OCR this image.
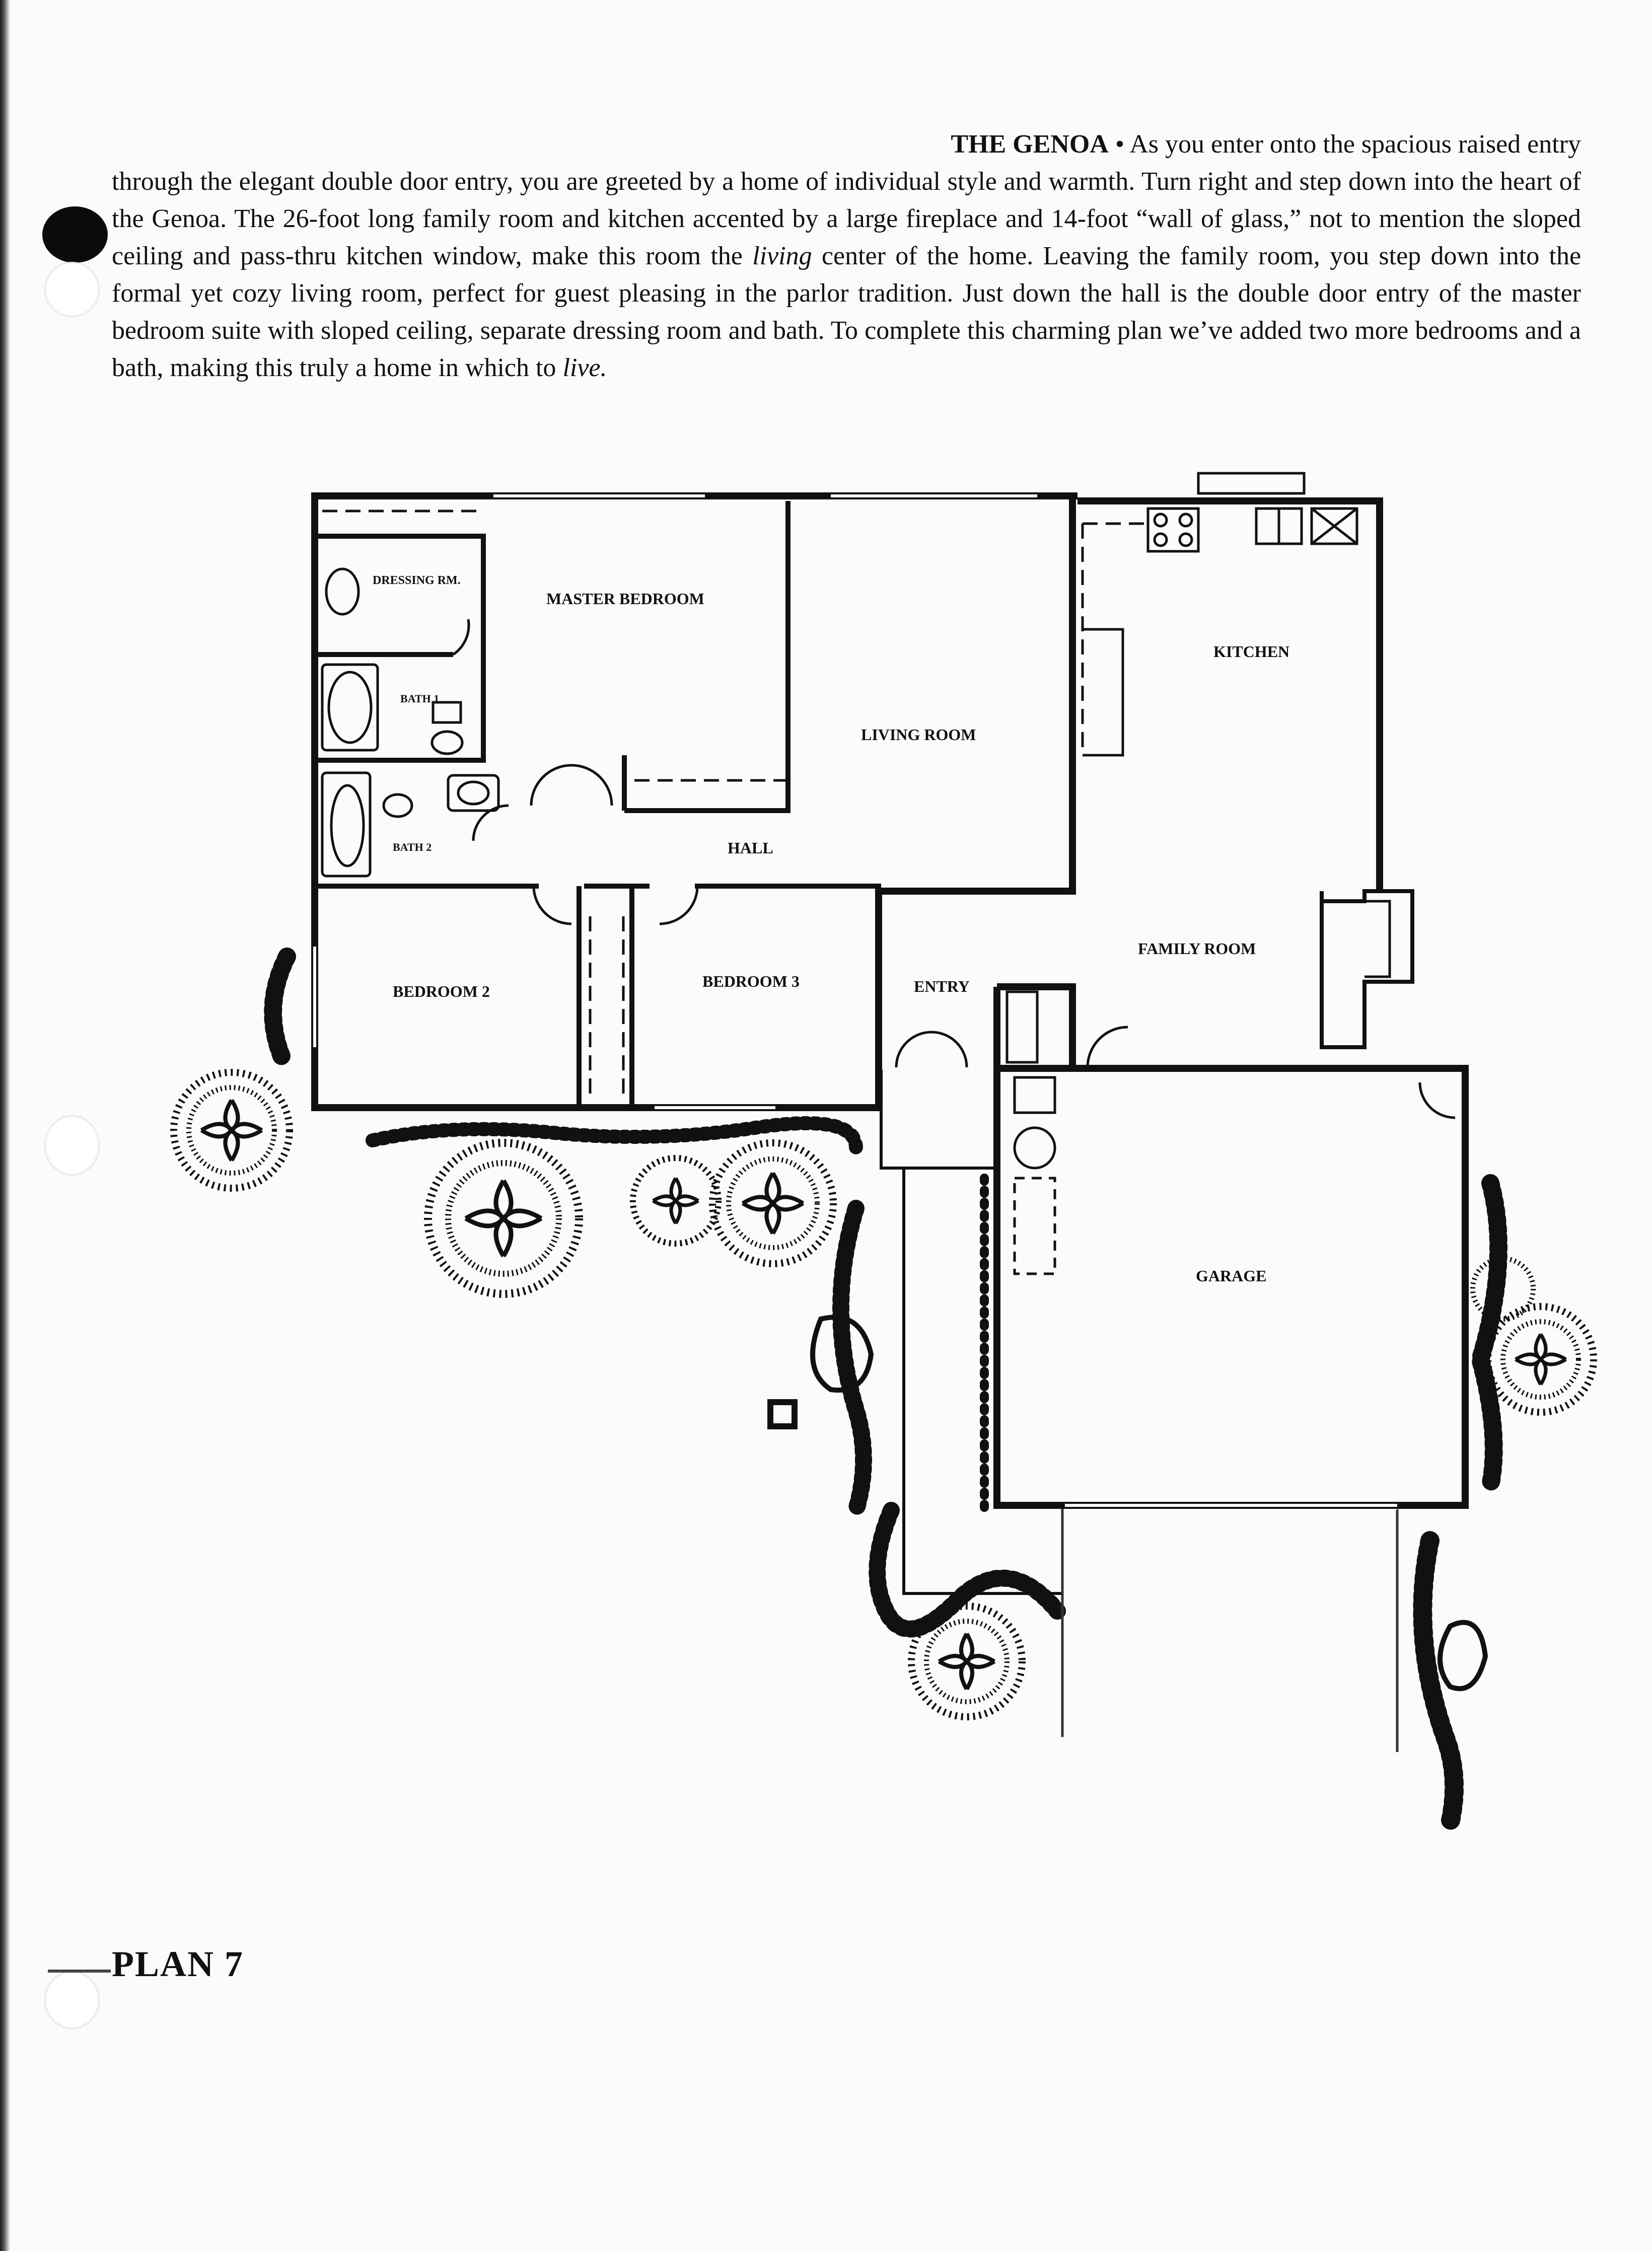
THE GENOA • As you enter onto the spacious raised entry
through the elegant double door entry, you are greeted by a home of individual style and warmth. Turn right and step down into the heart of the Genoa. The 26-foot long family room and kitchen accented by a large fireplace and 14-foot “wall of glass,” not to mention the sloped ceiling and pass-thru kitchen window, make this room the living center of the home. Leaving the family room, you step down into the formal yet cozy living room, perfect for guest pleasing in the parlor tradition. Just down the hall is the double door entry of the master bedroom suite with sloped ceiling, separate dressing room and bath. To complete this charming plan we’ve added two more bedrooms and a bath, making this truly a home in which to live.
DRESSING RM.
MASTER BEDROOM
BATH 1
BATH 2
LIVING ROOM
KITCHEN
HALL
BEDROOM 2
BEDROOM 3	ENTRY
FAMILY ROOM
GARAGE
PLAN 7
